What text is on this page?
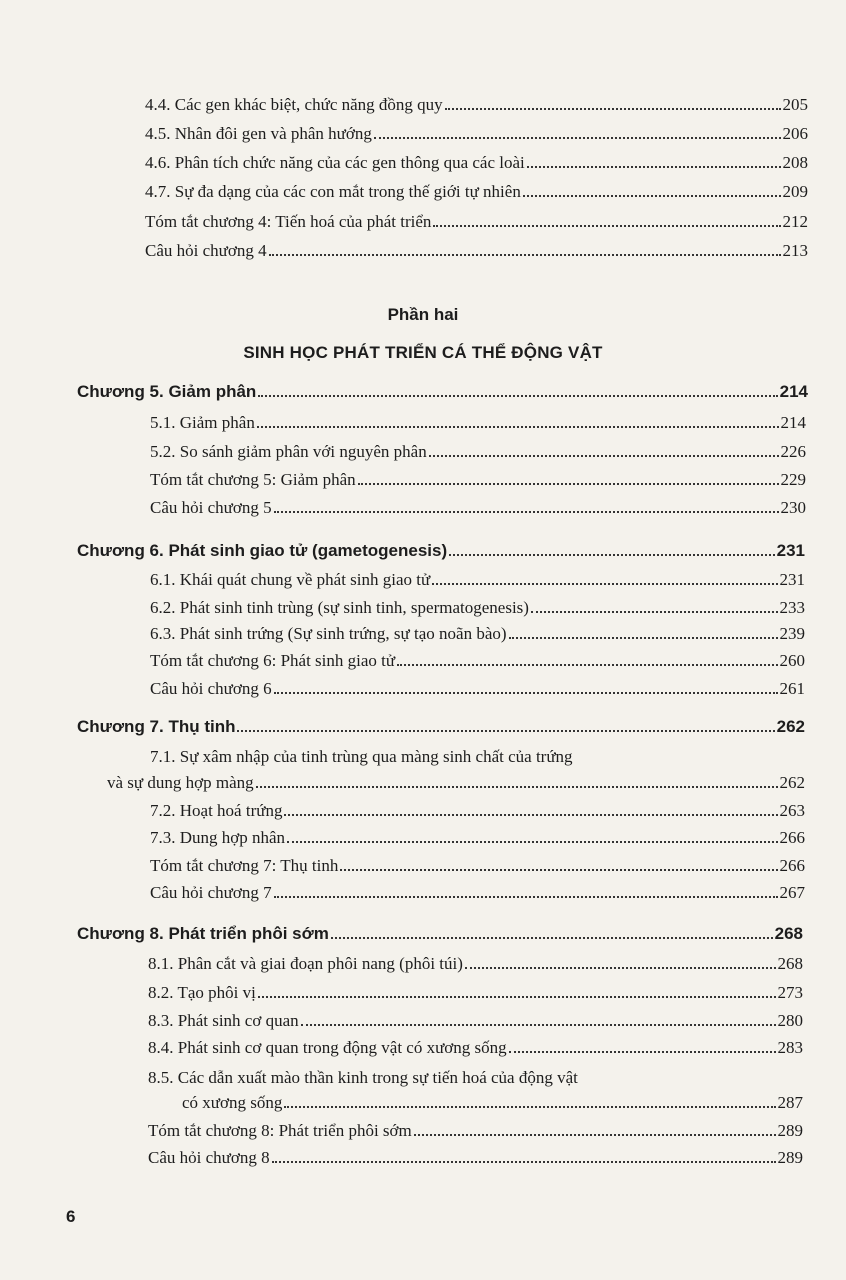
4.4. Các gen khác biệt, chức năng đồng quy	205
4.5. Nhân đôi gen và phân hướng	206
4.6. Phân tích chức năng của các gen thông qua các loài	208
4.7. Sự đa dạng của các con mắt trong thế giới tự nhiên	209
Tóm tắt chương 4: Tiến hoá của phát triển	212
Câu hỏi chương 4	213
Phần hai
SINH HỌC PHÁT TRIỂN CÁ THỂ ĐỘNG VẬT
Chương 5. Giảm phân	214
5.1. Giảm phân	214
5.2. So sánh giảm phân với nguyên phân	226
Tóm tắt chương 5: Giảm phân	229
Câu hỏi chương 5	230
Chương 6. Phát sinh giao tử (gametogenesis)	231
6.1. Khái quát chung về phát sinh giao tử	231
6.2. Phát sinh tinh trùng (sự sinh tinh, spermatogenesis)	233
6.3. Phát sinh trứng (Sự sinh trứng, sự tạo noãn bào)	239
Tóm tắt chương 6: Phát sinh giao tử	260
Câu hỏi chương 6	261
Chương 7. Thụ tinh	262
7.1. Sự xâm nhập của tinh trùng qua màng sinh chất của trứng
và sự dung hợp màng	262
7.2. Hoạt hoá trứng	263
7.3. Dung hợp nhân	266
Tóm tắt chương 7: Thụ tinh	266
Câu hỏi chương 7	267
Chương 8. Phát triển phôi sớm	268
8.1. Phân cắt và giai đoạn phôi nang (phôi túi)	268
8.2. Tạo phôi vị	273
8.3. Phát sinh cơ quan	280
8.4. Phát sinh cơ quan trong động vật có xương sống	283
8.5. Các dẫn xuất mào thần kinh trong sự tiến hoá của động vật
có xương sống	287
Tóm tắt chương 8: Phát triển phôi sớm	289
Câu hỏi chương 8	289
6
